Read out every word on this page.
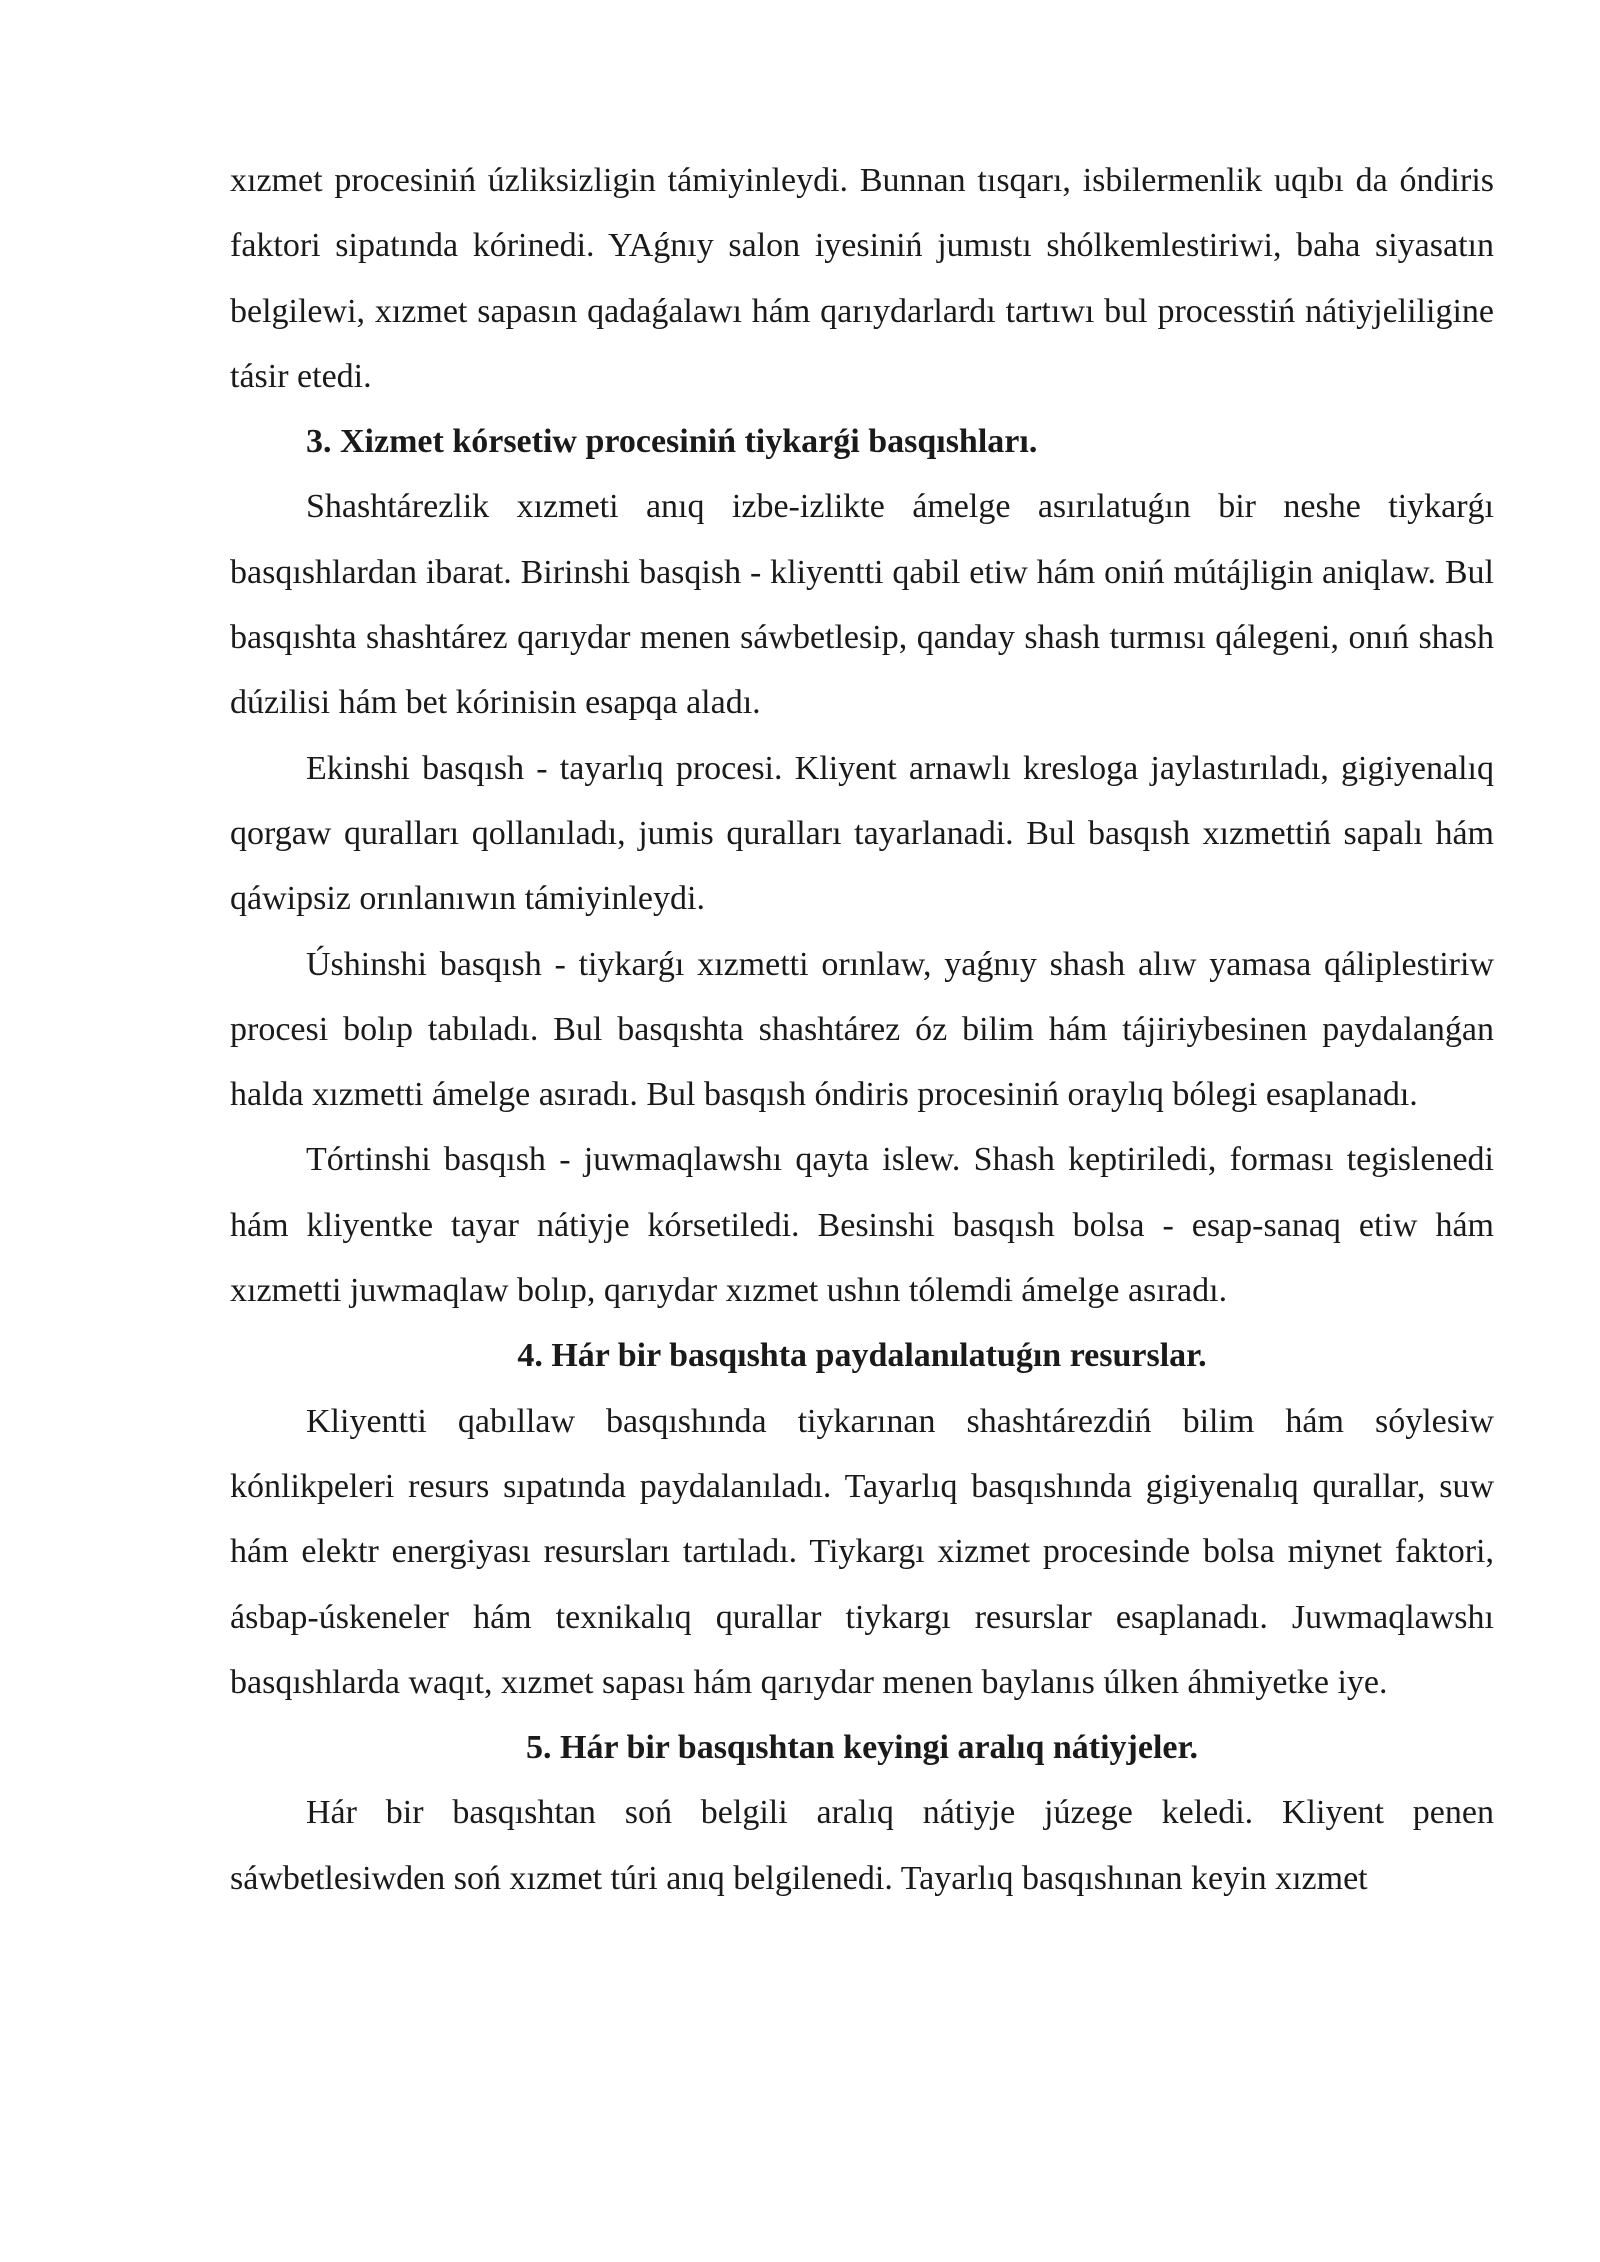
xızmet procesiniń úzliksizligin támiyinleydi. Bunnan tısqarı, isbilermenlik uqıbı da óndiris faktori sipatında kórinedi. YAǵnıy salon iyesiniń jumıstı shólkemlestiriwi, baha siyasatın belgilewi, xızmet sapasın qadaǵalawı hám qarıydarlardı tartıwı bul processtiń nátiyjeliligine tásir etedi.

3. Xizmet kórsetiw procesiniń tiykarǵi basqıshları.

Shashtárezlik xızmeti anıq izbe-izlikte ámelge asırılatuǵın bir neshe tiykarǵı basqıshlardan ibarat. Birinshi basqish - kliyentti qabil etiw hám oniń mútájligin aniqlaw. Bul basqıshta shashtárez qarıydar menen sáwbetlesip, qanday shash turmısı qálegeni, onıń shash dúzilisi hám bet kórinisin esapqa aladı.

Ekinshi basqısh - tayarlıq procesi. Kliyent arnawlı kresloga jaylastırıladı, gigiyenalıq qorgaw quralları qollanıladı, jumis quralları tayarlanadi. Bul basqısh xızmettiń sapalı hám qáwipsiz orınlanıwın támiyinleydi.

Úshinshi basqısh - tiykarǵı xızmetti orınlaw, yaǵnıy shash alıw yamasa qáliplestiriw procesi bolıp tabıladı. Bul basqıshta shashtárez óz bilim hám tájiriybesinen paydalanǵan halda xızmetti ámelge asıradı. Bul basqısh óndiris procesiniń oraylıq bólegi esaplanadı.

Tórtinshi basqısh - juwmaqlawshı qayta islew. Shash keptiriledi, forması tegislenedi hám kliyentke tayar nátiyje kórsetiledi. Besinshi basqısh bolsa - esap-sanaq etiw hám xızmetti juwmaqlaw bolıp, qarıydar xızmet ushın tólemdi ámelge asıradı.

4. Hár bir basqıshta paydalanılatuǵın resurslar.

Kliyentti qabıllaw basqıshında tiykarınan shashtárezdiń bilim hám sóylesiw kónlikpeleri resurs sıpatında paydalanıladı. Tayarlıq basqıshında gigiyenalıq qurallar, suw hám elektr energiyası resursları tartıladı. Tiykargı xizmet procesinde bolsa miynet faktori, ásbap-úskeneler hám texnikalıq qurallar tiykargı resurslar esaplanadı. Juwmaqlawshı basqıshlarda waqıt, xızmet sapası hám qarıydar menen baylanıs úlken áhmiyetke iye.

5. Hár bir basqıshtan keyingi aralıq nátiyjeler.

Hár bir basqıshtan soń belgili aralıq nátiyje júzege keledi. Kliyent penen sáwbetlesiwden soń xızmet túri anıq belgilenedi. Tayarlıq basqıshınan keyin xızmet
